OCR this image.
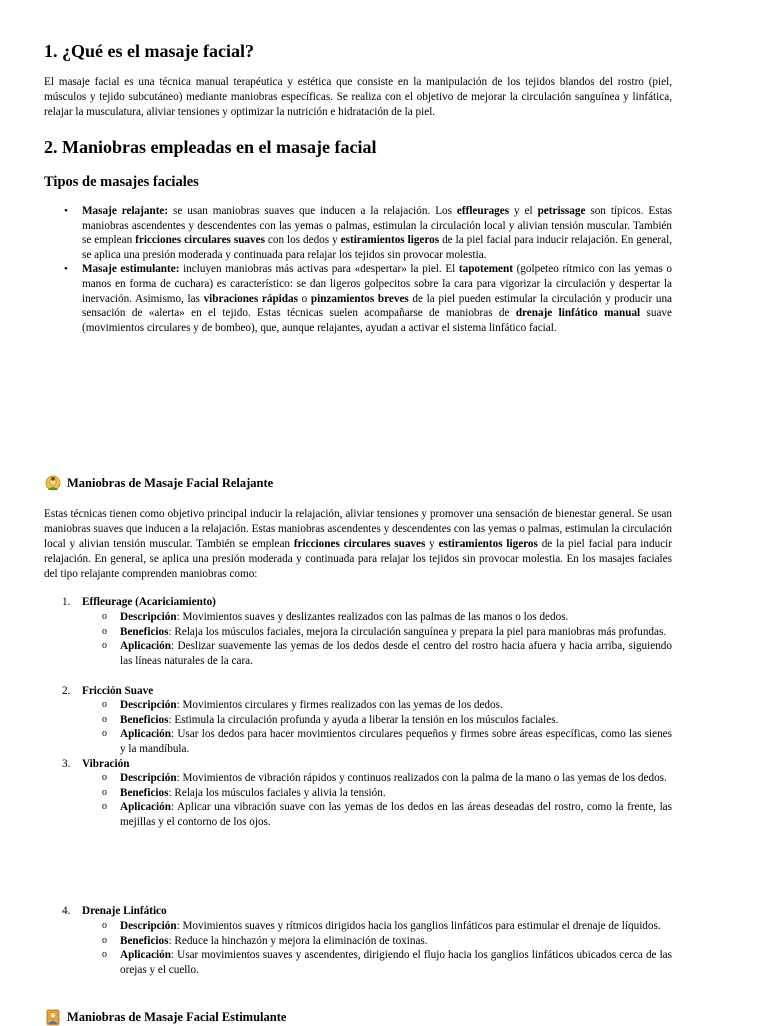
1. ¿Qué es el masaje facial?

El masaje facial es una técnica manual terapéutica y estética que consiste en la manipulación de los tejidos blandos del rostro (piel, músculos y tejido subcutáneo) mediante maniobras específicas. Se realiza con el objetivo de mejorar la circulación sanguínea y linfática, relajar la musculatura, aliviar tensiones y optimizar la nutrición e hidratación de la piel.

2. Maniobras empleadas en el masaje facial
Tipos de masajes faciales
• Masaje relajante: se usan maniobras suaves que inducen a la relajación. Los effleurages y el petrissage son típicos. Estas maniobras ascendentes y descendentes con las yemas o palmas, estimulan la circulación local y alivian tensión muscular. También se emplean fricciones circulares suaves con los dedos y estiramientos ligeros de la piel facial para inducir relajación. En general, se aplica una presión moderada y continuada para relajar los tejidos sin provocar molestia.
• Masaje estimulante: incluyen maniobras más activas para «despertar» la piel. El tapotement (golpeteo rítmico con las yemas o manos en forma de cuchara) es característico: se dan ligeros golpecitos sobre la cara para vigorizar la circulación y despertar la inervación. Asimismo, las vibraciones rápidas o pinzamientos breves de la piel pueden estimular la circulación y producir una sensación de «alerta» en el tejido. Estas técnicas suelen acompañarse de maniobras de drenaje linfático manual suave (movimientos circulares y de bombeo), que, aunque relajantes, ayudan a activar el sistema linfático facial.
Maniobras de Masaje Facial Relajante

Estas técnicas tienen como objetivo principal inducir la relajación, aliviar tensiones y promover una sensación de bienestar general. Se usan maniobras suaves que inducen a la relajación. Estas maniobras ascendentes y descendentes con las yemas o palmas, estimulan la circulación local y alivian tensión muscular. También se emplean fricciones circulares suaves y estiramientos ligeros de la piel facial para inducir relajación. En general, se aplica una presión moderada y continuada para relajar los tejidos sin provocar molestia. En los masajes faciales del tipo relajante comprenden maniobras como:

1.	Effleurage (Acariciamiento)
o Descripción: Movimientos suaves y deslizantes realizados con las palmas de las manos o los dedos.
o Beneficios: Relaja los músculos faciales, mejora la circulación sanguínea y prepara la piel para maniobras más profundas.
o Aplicación: Deslizar suavemente las yemas de los dedos desde el centro del rostro hacia afuera y hacia arriba, siguiendo las líneas naturales de la cara.
2.	Fricción Suave
o Descripción: Movimientos circulares y firmes realizados con las yemas de los dedos.
o Beneficios: Estimula la circulación profunda y ayuda a liberar la tensión en los músculos faciales.
o Aplicación: Usar los dedos para hacer movimientos circulares pequeños y firmes sobre áreas específicas, como las sienes y la mandíbula.
3.	Vibración
o Descripción: Movimientos de vibración rápidos y continuos realizados con la palma de la mano o las yemas de los dedos.
o Beneficios: Relaja los músculos faciales y alivia la tensión.
o Aplicación: Aplicar una vibración suave con las yemas de los dedos en las áreas deseadas del rostro, como la frente, las mejillas y el contorno de los ojos.
4.	Drenaje Linfático
o Descripción: Movimientos suaves y rítmicos dirigidos hacia los ganglios linfáticos para estimular el drenaje de líquidos.
o Beneficios: Reduce la hinchazón y mejora la eliminación de toxinas.
o Aplicación: Usar movimientos suaves y ascendentes, dirigiendo el flujo hacia los ganglios linfáticos ubicados cerca de las orejas y el cuello.
Maniobras de Masaje Facial Estimulante
